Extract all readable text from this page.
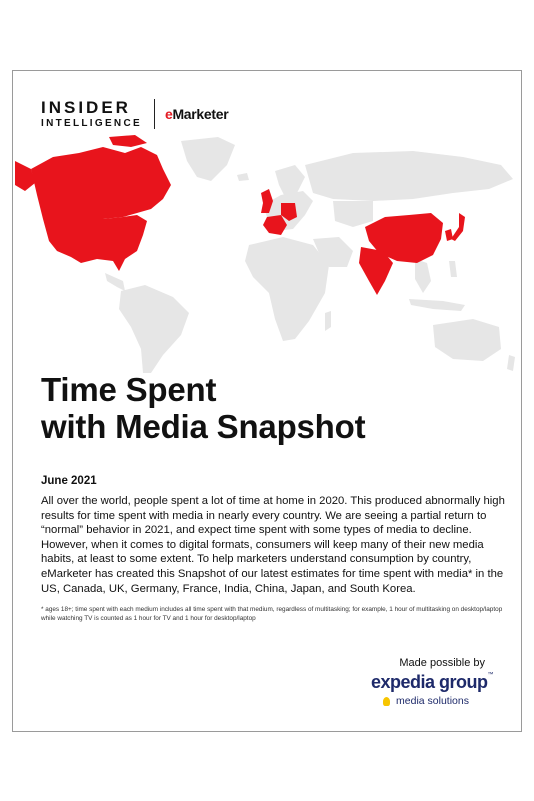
INSIDER
INTELLIGENCE
eMarketer
Time Spent
with Media Snapshot
June 2021

All over the world, people spent a lot of time at home in 2020. This produced abnormally high results for time spent with media in nearly every country. We are seeing a partial return to “normal” behavior in 2021, and expect time spent with some types of media to decline. However, when it comes to digital formats, consumers will keep many of their new media habits, at least to some extent. To help marketers understand consumption by country, eMarketer has created this Snapshot of our latest estimates for time spent with media* in the US, Canada, UK, Germany, France, India, China, Japan, and South Korea.

* ages 18+; time spent with each medium includes all time spent with that medium, regardless of multitasking; for example, 1 hour of multitasking on desktop/laptop while watching TV is counted as 1 hour for TV and 1 hour for desktop/laptop

Made possible by
expedia group™
media solutions
